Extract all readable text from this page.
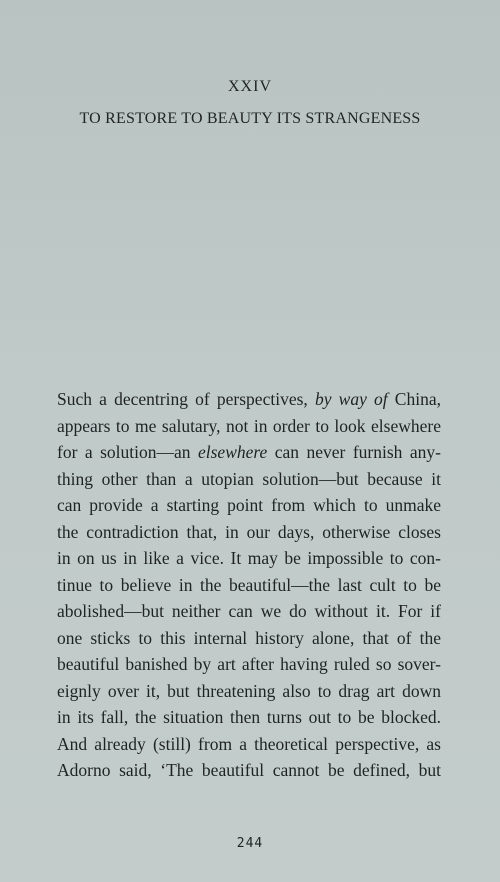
XXIV
TO RESTORE TO BEAUTY ITS STRANGENESS
Such a decentring of perspectives, by way of China,
appears to me salutary, not in order to look elsewhere
for a solution—an elsewhere can never furnish any-
thing other than a utopian solution—but because it
can provide a starting point from which to unmake
the contradiction that, in our days, otherwise closes
in on us in like a vice. It may be impossible to con-
tinue to believe in the beautiful—the last cult to be
abolished—but neither can we do without it. For if
one sticks to this internal history alone, that of the
beautiful banished by art after having ruled so sover-
eignly over it, but threatening also to drag art down
in its fall, the situation then turns out to be blocked.
And already (still) from a theoretical perspective, as
Adorno said, ‘The beautiful cannot be defined, but
244
